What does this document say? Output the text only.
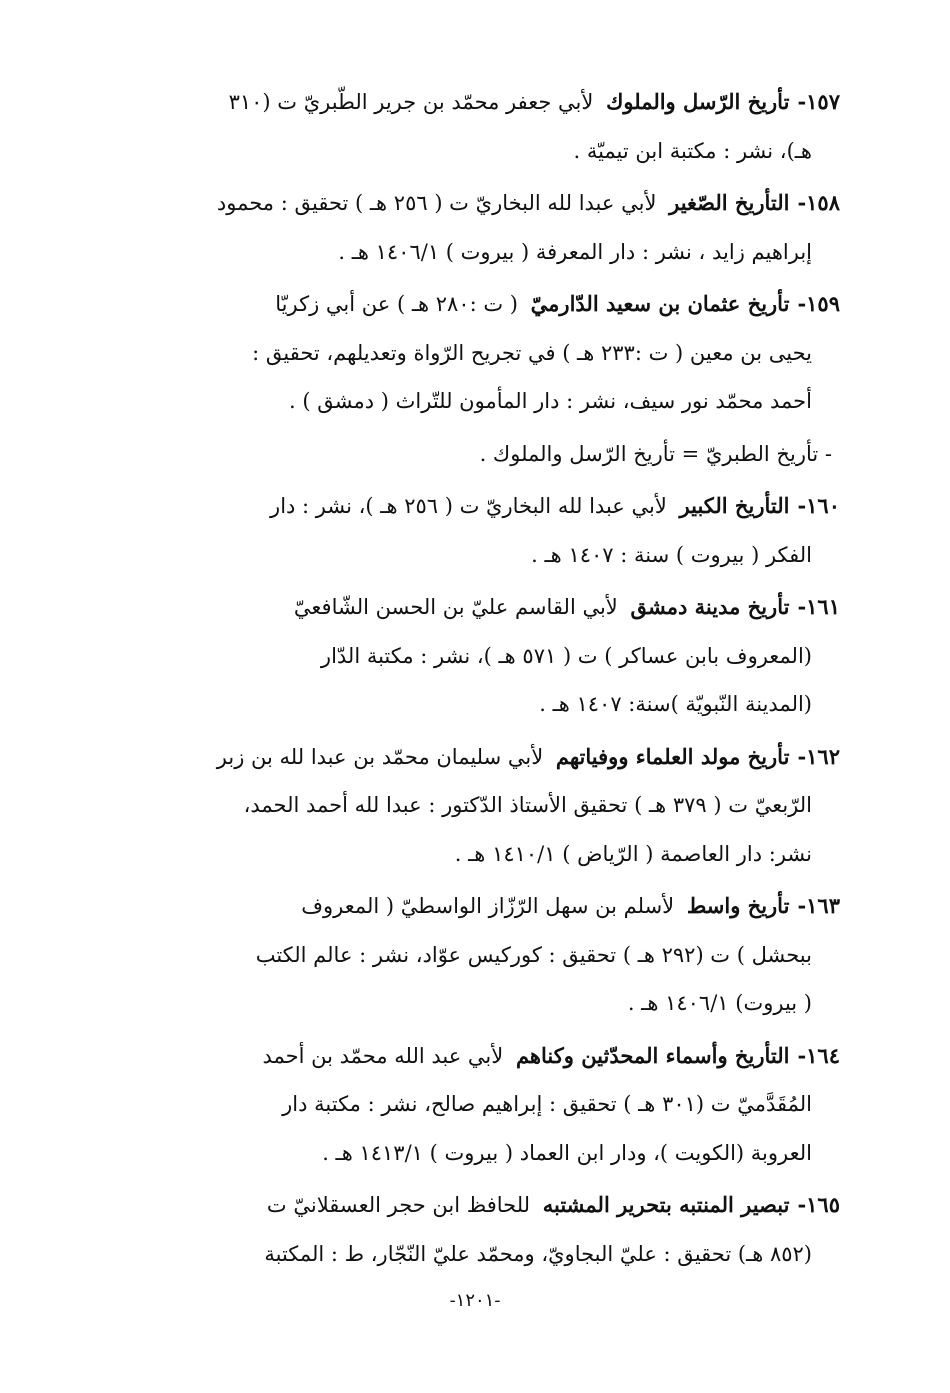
١٥٧-تأريخ الرّسل والملوك لأبي جعفر محمّد بن جرير الطّبريّ ت (٣١٠
هـ)، نشر : مكتبة ابن تيميّة .
١٥٨-التأريخ الصّغير لأبي عبدا لله البخاريّ ت ( ٢٥٦ هـ ) تحقيق : محمود
إبراهيم زايد ، نشر : دار المعرفة ( بيروت ) ١٤٠٦/١ هـ .
١٥٩-تأريخ عثمان بن سعيد الدّارميّ ( ت :٢٨٠ هـ ) عن أبي زكريّا
يحيى بن معين ( ت :٢٣٣ هـ ) في تجريح الرّواة وتعديلهم، تحقيق :
أحمد محمّد نور سيف، نشر : دار المأمون للتّراث ( دمشق ) .
- تأريخ الطبريّ = تأريخ الرّسل والملوك .
١٦٠-التأريخ الكبير لأبي عبدا لله البخاريّ ت ( ٢٥٦ هـ )، نشر : دار
الفكر ( بيروت ) سنة : ١٤٠٧ هـ .
١٦١-تأريخ مدينة دمشق لأبي القاسم عليّ بن الحسن الشّافعيّ
(المعروف بابن عساكر ) ت ( ٥٧١ هـ )، نشر : مكتبة الدّار
(المدينة النّبويّة )سنة: ١٤٠٧ هـ .
١٦٢-تأريخ مولد العلماء ووفياتهم لأبي سليمان محمّد بن عبدا لله بن زبر
الرّبعيّ ت ( ٣٧٩ هـ ) تحقيق الأستاذ الدّكتور : عبدا لله أحمد الحمد،
نشر: دار العاصمة ( الرّياض ) ١٤١٠/١ هـ .
١٦٣-تأريخ واسط لأسلم بن سهل الرّزّاز الواسطيّ ( المعروف
ببحشل ) ت (٢٩٢ هـ ) تحقيق : كوركيس عوّاد، نشر : عالم الكتب
( بيروت) ١٤٠٦/١ هـ .
١٦٤-التأريخ وأسماء المحدّثين وكناهم لأبي عبد الله محمّد بن أحمد
المُقَدَّميّ ت (٣٠١ هـ ) تحقيق : إبراهيم صالح، نشر : مكتبة دار
العروبة (الكويت )، ودار ابن العماد ( بيروت ) ١٤١٣/١ هـ .
١٦٥-تبصير المنتبه بتحرير المشتبه للحافظ ابن حجر العسقلانيّ ت
(٨٥٢ هـ) تحقيق : عليّ البجاويّ، ومحمّد عليّ النّجّار، ط : المكتبة
-١٢٠١-
